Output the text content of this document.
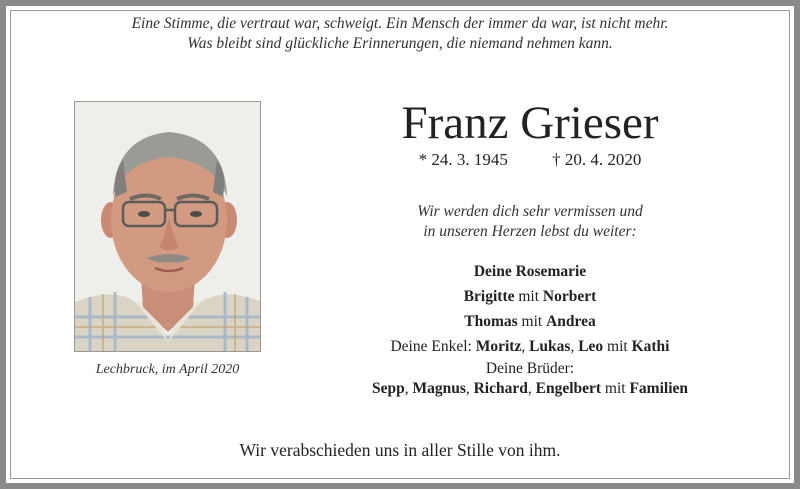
Eine Stimme, die vertraut war, schweigt. Ein Mensch der immer da war, ist nicht mehr.
Was bleibt sind glückliche Erinnerungen, die niemand nehmen kann.
Lechbruck, im April 2020
Franz Grieser
* 24. 3. 1945	† 20. 4. 2020
Wir werden dich sehr vermissen und
in unseren Herzen lebst du weiter:
Deine Rosemarie
Brigitte mit Norbert
Thomas mit Andrea
Deine Enkel: Moritz, Lukas, Leo mit Kathi
Deine Brüder:
Sepp, Magnus, Richard, Engelbert mit Familien
Wir verabschieden uns in aller Stille von ihm.
